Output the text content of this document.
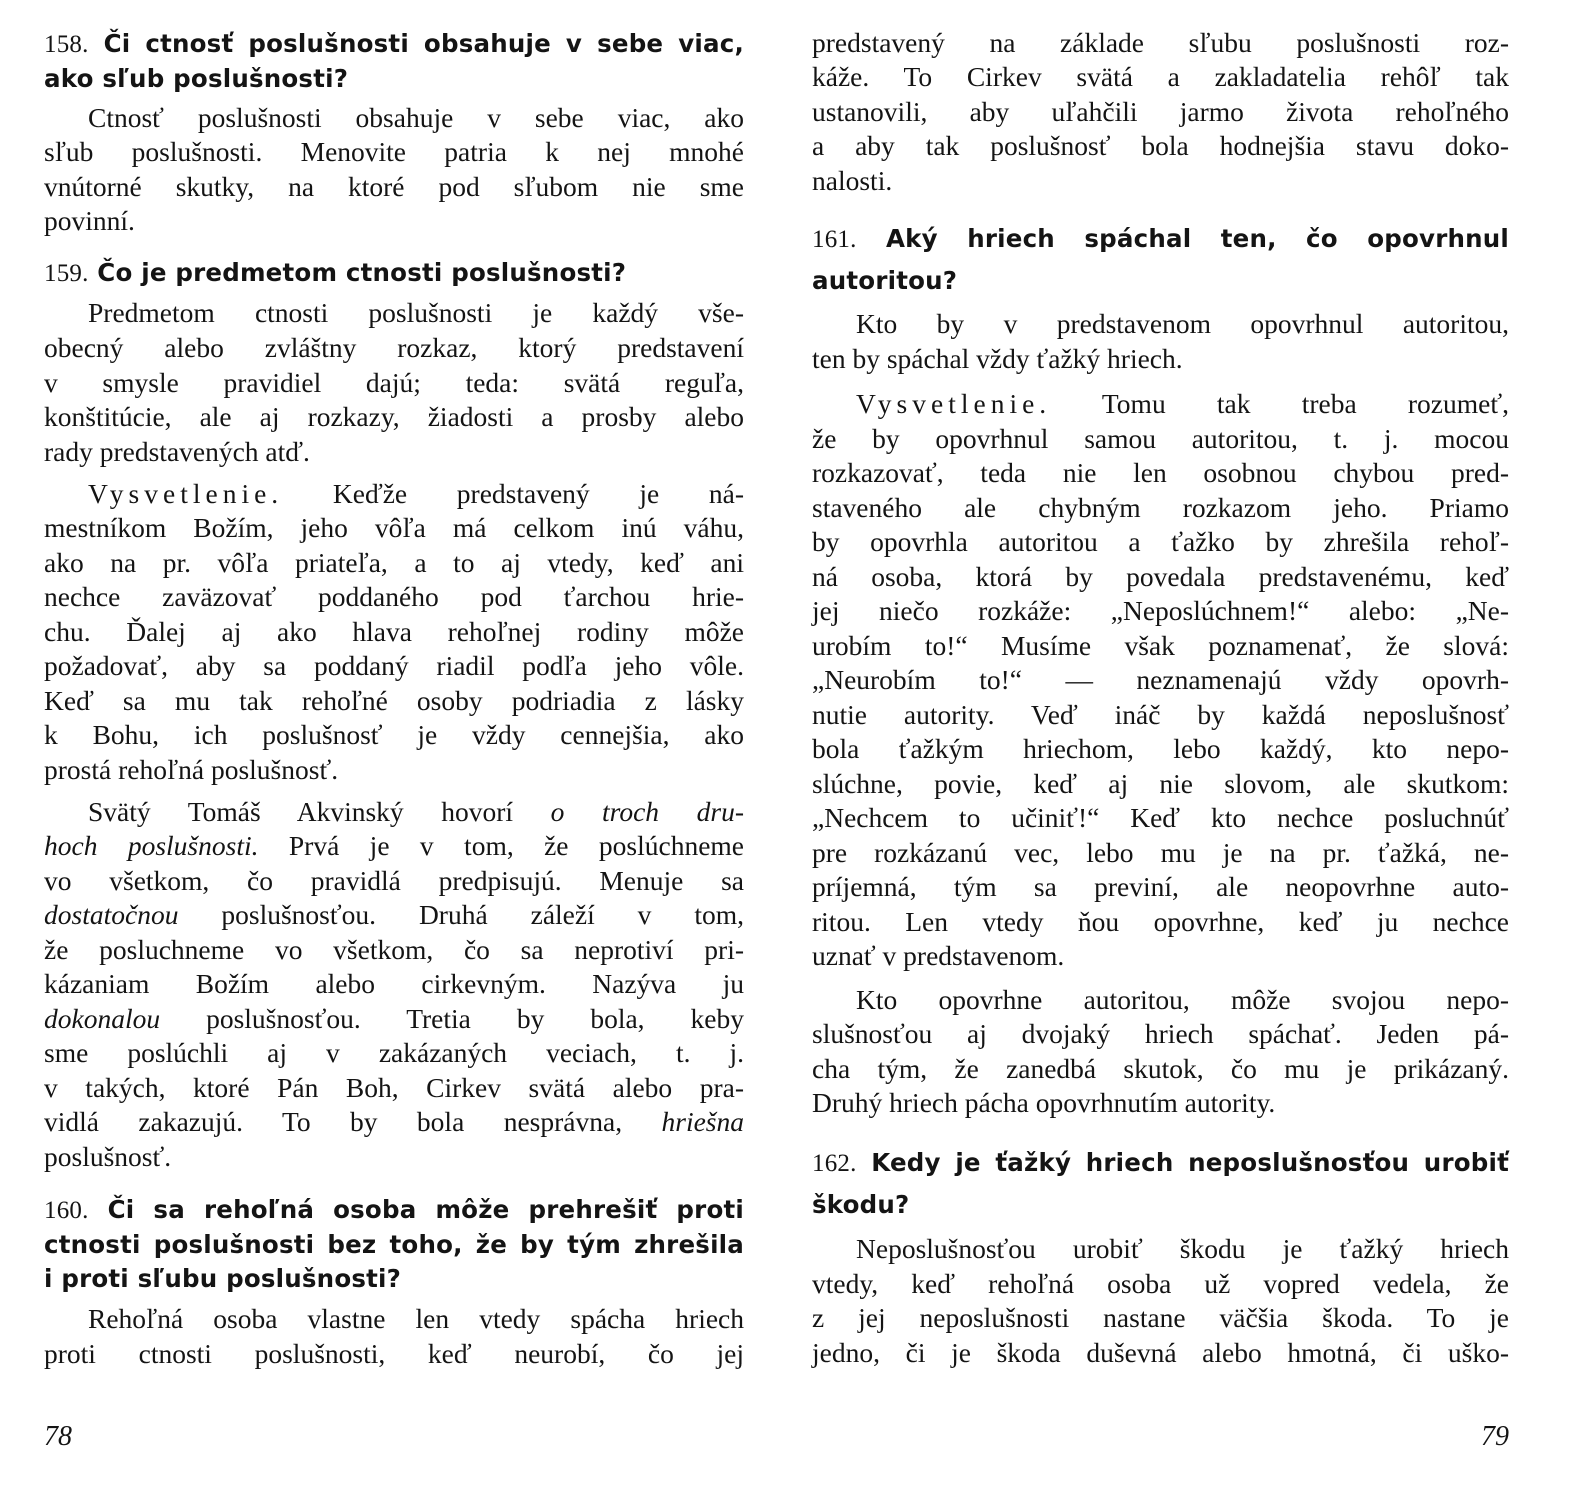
158. Či ctnosť poslušnosti obsahuje v sebe viac,
ako sľub poslušnosti?
Ctnosť poslušnosti obsahuje v sebe viac, ako
sľub poslušnosti. Menovite patria k nej mnohé
vnútorné skutky, na ktoré pod sľubom nie sme
povinní.
159. Čo je predmetom ctnosti poslušnosti?
Predmetom ctnosti poslušnosti je každý vše-
obecný alebo zvláštny rozkaz, ktorý predstavení
v smysle pravidiel dajú; teda: svätá reguľa,
konštitúcie, ale aj rozkazy, žiadosti a prosby alebo
rady predstavených atď.
Vysvetlenie. Keďže predstavený je ná-
mestníkom Božím, jeho vôľa má celkom inú váhu,
ako na pr. vôľa priateľa, a to aj vtedy, keď ani
nechce zaväzovať poddaného pod ťarchou hrie-
chu. Ďalej aj ako hlava rehoľnej rodiny môže
požadovať, aby sa poddaný riadil podľa jeho vôle.
Keď sa mu tak rehoľné osoby podriadia z lásky
k Bohu, ich poslušnosť je vždy cennejšia, ako
prostá rehoľná poslušnosť.
Svätý Tomáš Akvinský hovorí o troch dru-
hoch poslušnosti. Prvá je v tom, že poslúchneme
vo všetkom, čo pravidlá predpisujú. Menuje sa
dostatočnou poslušnosťou. Druhá záleží v tom,
že posluchneme vo všetkom, čo sa neprotiví pri-
kázaniam Božím alebo cirkevným. Nazýva ju
dokonalou poslušnosťou. Tretia by bola, keby
sme poslúchli aj v zakázaných veciach, t. j.
v takých, ktoré Pán Boh, Cirkev svätá alebo pra-
vidlá zakazujú. To by bola nesprávna, hriešna
poslušnosť.
160. Či sa rehoľná osoba môže prehrešiť proti
ctnosti poslušnosti bez toho, že by tým zhrešila
i proti sľubu poslušnosti?
Rehoľná osoba vlastne len vtedy spácha hriech
proti ctnosti poslušnosti, keď neurobí, čo jej
78
predstavený na základe sľubu poslušnosti roz-
káže. To Cirkev svätá a zakladatelia rehôľ tak
ustanovili, aby uľahčili jarmo života rehoľného
a aby tak poslušnosť bola hodnejšia stavu doko-
nalosti.
161. Aký hriech spáchal ten, čo opovrhnul
autoritou?
Kto by v predstavenom opovrhnul autoritou,
ten by spáchal vždy ťažký hriech.
Vysvetlenie. Tomu tak treba rozumeť,
že by opovrhnul samou autoritou, t. j. mocou
rozkazovať, teda nie len osobnou chybou pred-
staveného ale chybným rozkazom jeho. Priamo
by opovrhla autoritou a ťažko by zhrešila rehoľ-
ná osoba, ktorá by povedala predstavenému, keď
jej niečo rozkáže: „Neposlúchnem!“ alebo: „Ne-
urobím to!“ Musíme však poznamenať, že slová:
„Neurobím to!“ — neznamenajú vždy opovrh-
nutie autority. Veď ináč by každá neposlušnosť
bola ťažkým hriechom, lebo každý, kto nepo-
slúchne, povie, keď aj nie slovom, ale skutkom:
„Nechcem to učiniť!“ Keď kto nechce posluchnúť
pre rozkázanú vec, lebo mu je na pr. ťažká, ne-
príjemná, tým sa previní, ale neopovrhne auto-
ritou. Len vtedy ňou opovrhne, keď ju nechce
uznať v predstavenom.
Kto opovrhne autoritou, môže svojou nepo-
slušnosťou aj dvojaký hriech spáchať. Jeden pá-
cha tým, že zanedbá skutok, čo mu je prikázaný.
Druhý hriech pácha opovrhnutím autority.
162. Kedy je ťažký hriech neposlušnosťou urobiť
škodu?
Neposlušnosťou urobiť škodu je ťažký hriech
vtedy, keď rehoľná osoba už vopred vedela, že
z jej neposlušnosti nastane väčšia škoda. To je
jedno, či je škoda duševná alebo hmotná, či uško-
79
